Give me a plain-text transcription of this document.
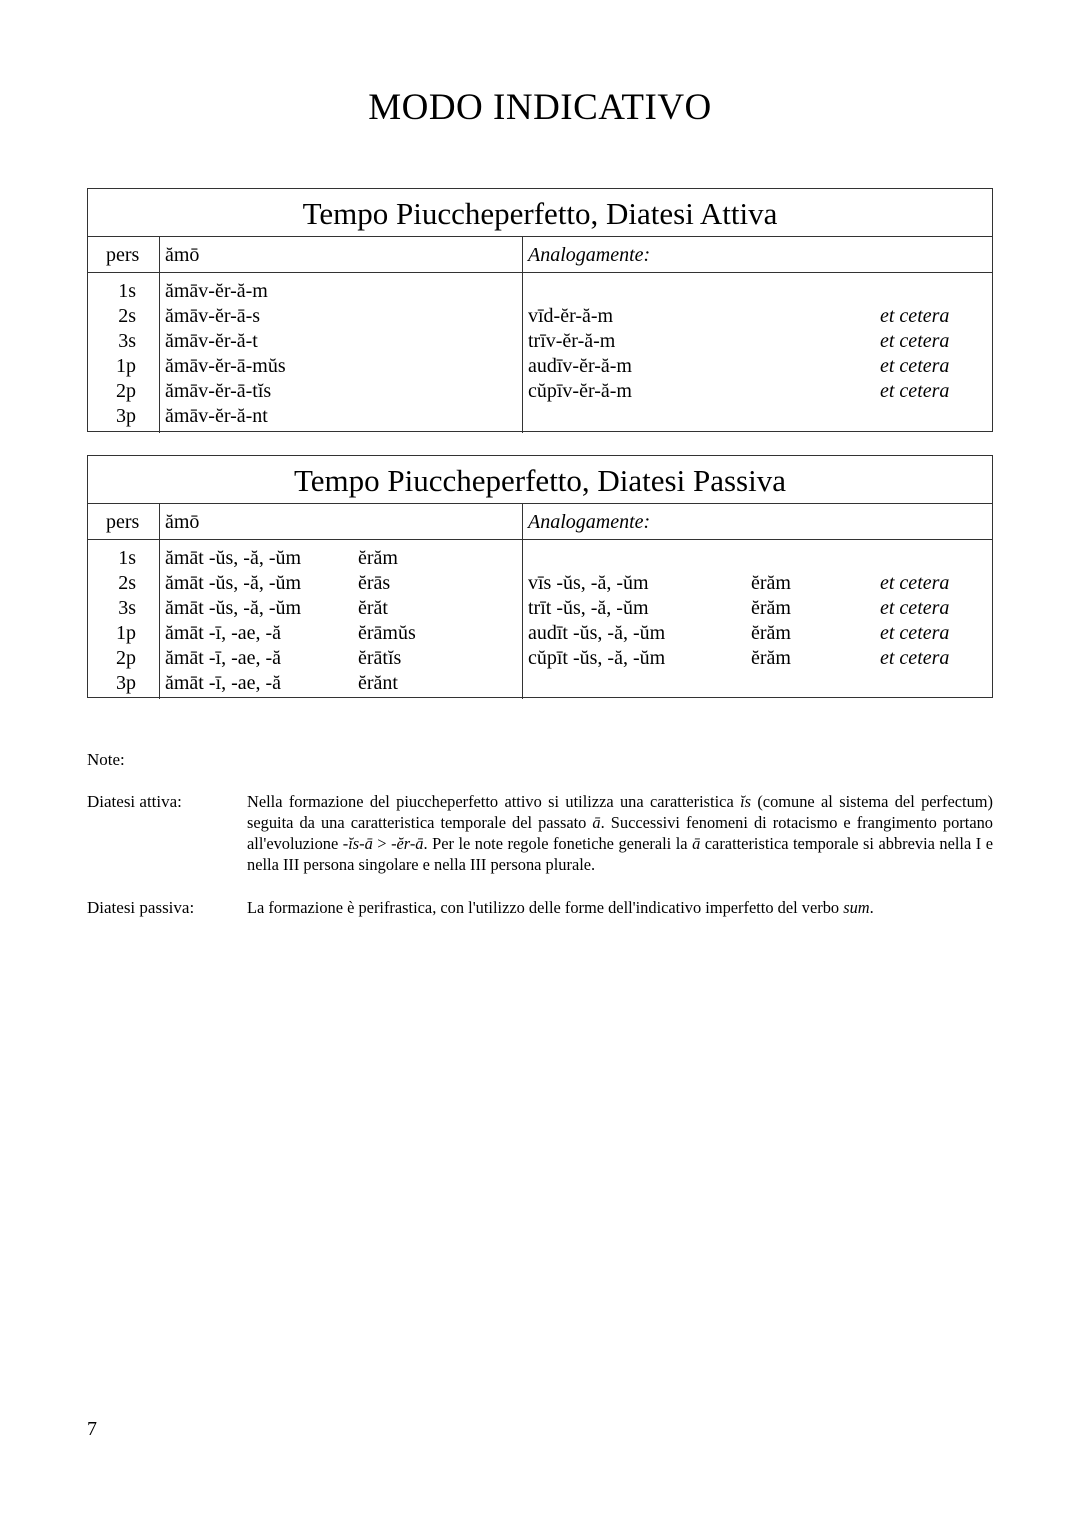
MODO INDICATIVO
Tempo Piuccheperfetto, Diatesi Attiva
pers ămō	Analogamente:
1s ămāv-ĕr-ă-m
2s ămāv-ĕr-ā-s	vīd-ĕr-ă-m	et cetera
3s ămāv-ĕr-ă-t	trīv-ĕr-ă-m	et cetera
1p ămāv-ĕr-ā-mŭs	audīv-ĕr-ă-m	et cetera
2p ămāv-ĕr-ā-tĭs	cŭpīv-ĕr-ă-m	et cetera
3p ămāv-ĕr-ă-nt
Tempo Piuccheperfetto, Diatesi Passiva
pers ămō	Analogamente:
1s ămāt -ŭs, -ă, -ŭm	ĕrăm
2s ămāt -ŭs, -ă, -ŭm	ĕrās	vīs -ŭs, -ă, -ŭm	ĕrăm	et cetera
3s ămāt -ŭs, -ă, -ŭm	ĕrăt	trīt -ŭs, -ă, -ŭm	ĕrăm	et cetera
1p ămāt -ī, -ae, -ă	ĕrāmŭs	audīt -ŭs, -ă, -ŭm	ĕrăm	et cetera
2p ămāt -ī, -ae, -ă	ĕrātĭs	cŭpīt -ŭs, -ă, -ŭm	ĕrăm	et cetera
3p ămāt -ī, -ae, -ă	ĕrănt
Note:
Diatesi attiva:	Nella formazione del piuccheperfetto attivo si utilizza una caratteristica ĭs (comune al sistema del perfectum) seguita da una caratteristica temporale del passato ā. Successivi fenomeni di rotacismo e frangimento portano all'evoluzione -ĭs-ā > -ĕr-ā. Per le note regole fonetiche generali la ā caratteristica temporale si abbrevia nella I e nella III persona singolare e nella III persona plurale.
Diatesi passiva:	La formazione è perifrastica, con l'utilizzo delle forme dell'indicativo imperfetto del verbo sum.
7
